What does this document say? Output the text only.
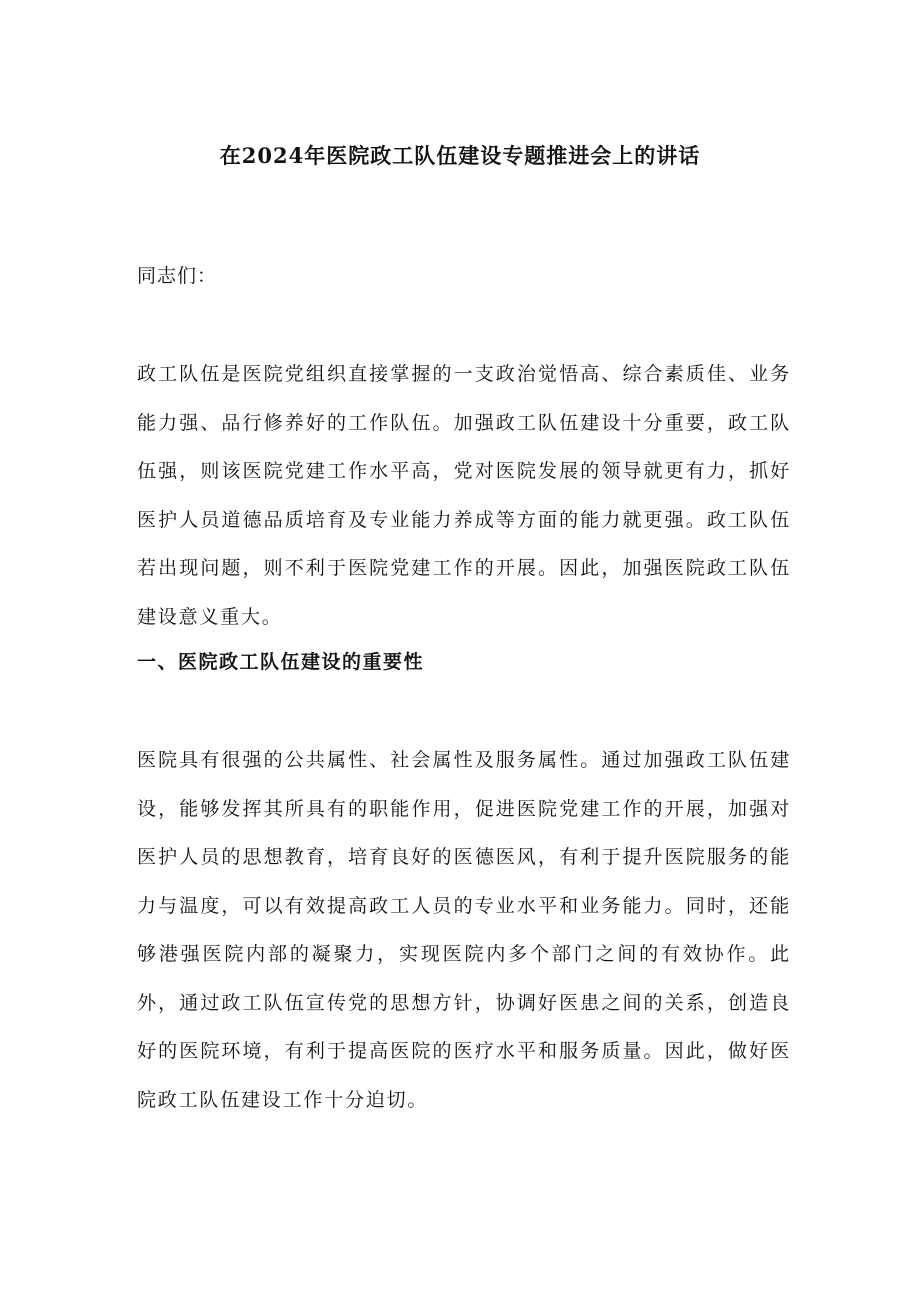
在2024年医院政工队伍建设专题推进会上的讲话

同志们：

政工队伍是医院党组织直接掌握的一支政治觉悟高、综合素质佳、业务能力强、品行修养好的工作队伍。加强政工队伍建设十分重要，政工队伍强，则该医院党建工作水平高，党对医院发展的领导就更有力，抓好医护人员道德品质培育及专业能力养成等方面的能力就更强。政工队伍若出现问题，则不利于医院党建工作的开展。因此，加强医院政工队伍建设意义重大。

一、医院政工队伍建设的重要性

医院具有很强的公共属性、社会属性及服务属性。通过加强政工队伍建设，能够发挥其所具有的职能作用，促进医院党建工作的开展，加强对医护人员的思想教育，培育良好的医德医风，有利于提升医院服务的能力与温度，可以有效提高政工人员的专业水平和业务能力。同时，还能够港强医院内部的凝聚力，实现医院内多个部门之间的有效协作。此外，通过政工队伍宣传党的思想方针，协调好医患之间的关系，创造良好的医院环境，有利于提高医院的医疗水平和服务质量。因此，做好医院政工队伍建设工作十分迫切。
